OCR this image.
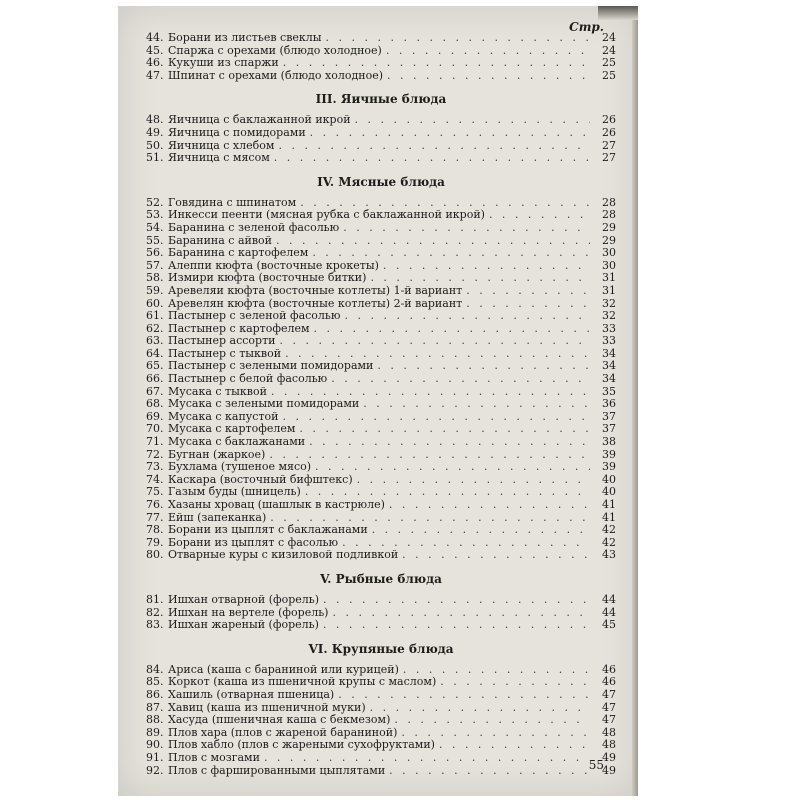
Стр.
44. Борани из листьев свеклы . . .	24
45. Спаржа с орехами (блюдо холодное) . . .	24
46. Кукуши из спаржи . . .	25
47. Шпинат с орехами (блюдо холодное) . . .	25
III. Яичные блюда
48. Яичница с баклажанной икрой . . .	26
49. Яичница с помидорами . . .	26
50. Яичница с хлебом . . .	27
51. Яичница с мясом . . .	27
IV. Мясные блюда
52. Говядина с шпинатом . . .	28
53. Инкесси пеенти (мясная рубка с баклажанной икрой) . . .	28
54. Баранина с зеленой фасолью . . .	29
55. Баранина с айвой . . .	29
56. Баранина с картофелем . . .	30
57. Алеппи кюфта (восточные крокеты) . . .	30
58. Измири кюфта (восточные битки) . . .	31
59. Аревеляи кюфта (восточные котлеты) 1-й вариант . . .	31
60. Аревелян кюфта (восточные котлеты) 2-й вариант . . .	32
61. Пастынер с зеленой фасолью . . .	32
62. Пастынер с картофелем . . .	33
63. Пастынер ассорти . . .	33
64. Пастынер с тыквой . . .	34
65. Пастынер с зелеными помидорами . . .	34
66. Пастынер с белой фасолью . . .	34
67. Мусака с тыквой . . .	35
68. Мусака с зелеными помидорами . . .	36
69. Мусака с капустой . . .	37
70. Мусака с картофелем . . .	37
71. Мусака с баклажанами . . .	38
72. Бугнан (жаркое) . . .	39
73. Бухлама (тушеное мясо) . . .	39
74. Каскара (восточный бифштекс) . . .	40
75. Газым буды (шницель) . . .	40
76. Хазаны хровац (шашлык в кастрюле) . . .	41
77. Ейш (запеканка) . . .	41
78. Борани из цыплят с баклажанами . . .	42
79. Борани из цыплят с фасолью . . .	42
80. Отварные куры с кизиловой подливкой . . .	43
V. Рыбные блюда
81. Ишхан отварной (форель) . . .	44
82. Ишхан на вертеле (форель) . . .	44
83. Ишхан жареный (форель) . . .	45
VI. Крупяные блюда
84. Ариса (каша с бараниной или курицей) . . .	46
85. Коркот (каша из пшеничной крупы с маслом) . . .	46
86. Хашиль (отварная пшеница) . . .	47
87. Хавиц (каша из пшеничной муки) . . .	47
88. Хасуда (пшеничная каша с бекмезом) . . .	47
89. Плов хара (плов с жареной бараниной) . . .	48
90. Плов хабло (плов с жареными сухофруктами) . . .	48
91. Плов с мозгами . . .	49
92. Плов с фаршированными цыплятами . . .	49
55
